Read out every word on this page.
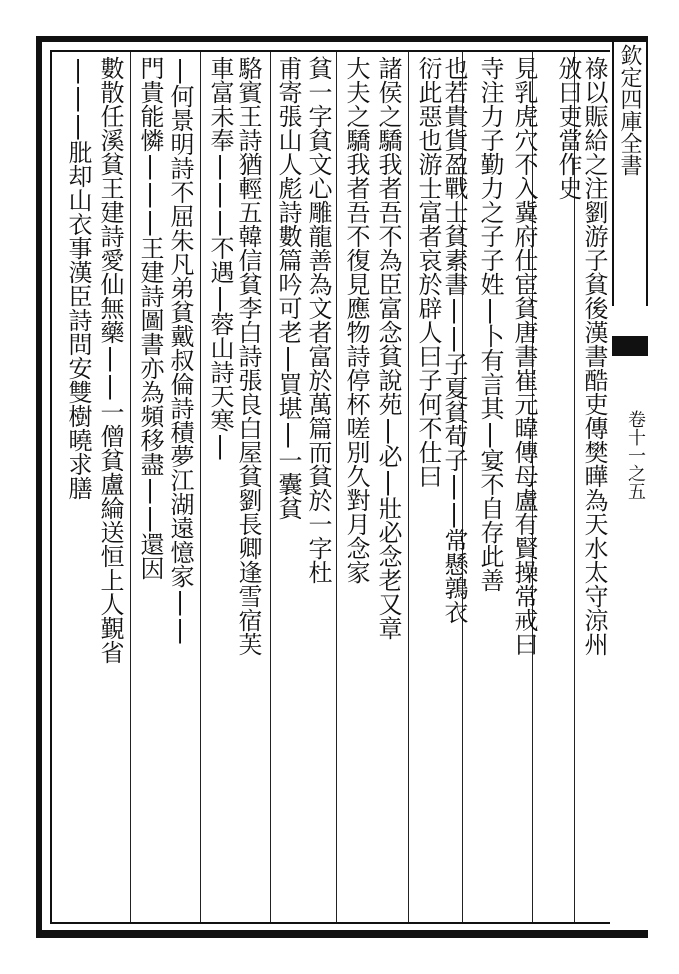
欽定四庫全書
卷十一之五
祿以賑給之注劉游子貧後漢書酷吏傳樊曄為天水太守涼州
攽曰吏當作史
見乳虎穴不入冀府仕宦貧唐書崔元暐傳母盧有賢操常戒曰
寺注力子勤力之子子姓|卜有言其|宴不自存此善
也若貴貨盈戰士貧素書||子夏貧荀子||常懸鶉衣
衍此惡也游士富者哀於辟人曰子何不仕曰
諸侯之驕我者吾不為臣富念貧說苑|必|壯必念老又章
大夫之驕我者吾不復見應物詩停杯嗟別久對月念家
貧一字貧文心雕龍善為文者富於萬篇而貧於一字杜
甫寄張山人彪詩數篇吟可老|買堪|一囊貧
駱賓王詩猶輕五韓信貧李白詩張良白屋貧劉長卿逢雪宿芙
車富未奉|||不遇|蓉山詩天寒|
|何景明詩不屈朱凡弟貧戴叔倫詩積夢江湖遠憶家||
門貴能憐|||王建詩圖書亦為頻移盡||還因
數散任溪貧王建詩愛仙無藥||一僧貧盧綸送恒上人覲省
|||肶却山衣事漢臣詩問安雙樹曉求膳
